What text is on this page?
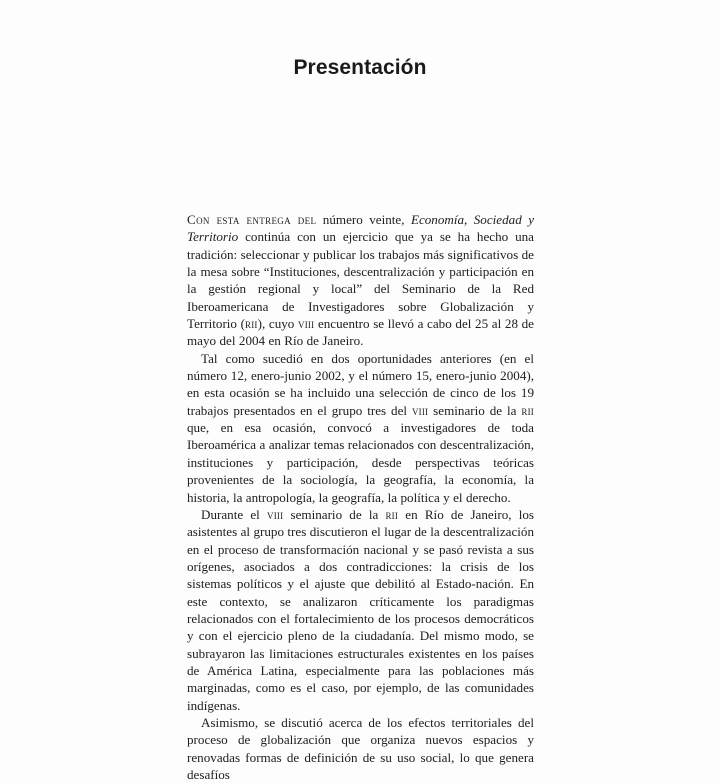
Presentación

Con esta entrega del número veinte, Economía, Sociedad y Territorio continúa con un ejercicio que ya se ha hecho una tradición: seleccionar y publicar los trabajos más significativos de la mesa sobre “Instituciones, descentralización y participación en la gestión regional y local” del Seminario de la Red Iberoamericana de Investigadores sobre Globalización y Territorio (rii), cuyo viii encuentro se llevó a cabo del 25 al 28 de mayo del 2004 en Río de Janeiro.

Tal como sucedió en dos oportunidades anteriores (en el número 12, enero-junio 2002, y el número 15, enero-junio 2004), en esta ocasión se ha incluido una selección de cinco de los 19 trabajos presentados en el grupo tres del viii seminario de la rii que, en esa ocasión, convocó a investigadores de toda Iberoamérica a analizar temas relacionados con descentralización, instituciones y participación, desde perspectivas teóricas provenientes de la sociología, la geografía, la economía, la historia, la antropología, la geografía, la política y el derecho.

Durante el viii seminario de la rii en Río de Janeiro, los asistentes al grupo tres discutieron el lugar de la descentralización en el proceso de transformación nacional y se pasó revista a sus orígenes, asociados a dos contradicciones: la crisis de los sistemas políticos y el ajuste que debilitó al Estado-nación. En este contexto, se analizaron críticamente los paradigmas relacionados con el fortalecimiento de los procesos democráticos y con el ejercicio pleno de la ciudadanía. Del mismo modo, se subrayaron las limitaciones estructurales existentes en los países de América Latina, especialmente para las poblaciones más marginadas, como es el caso, por ejemplo, de las comunidades indígenas.

Asimismo, se discutió acerca de los efectos territoriales del proceso de globalización que organiza nuevos espacios y renovadas formas de definición de su uso social, lo que genera desafíos
